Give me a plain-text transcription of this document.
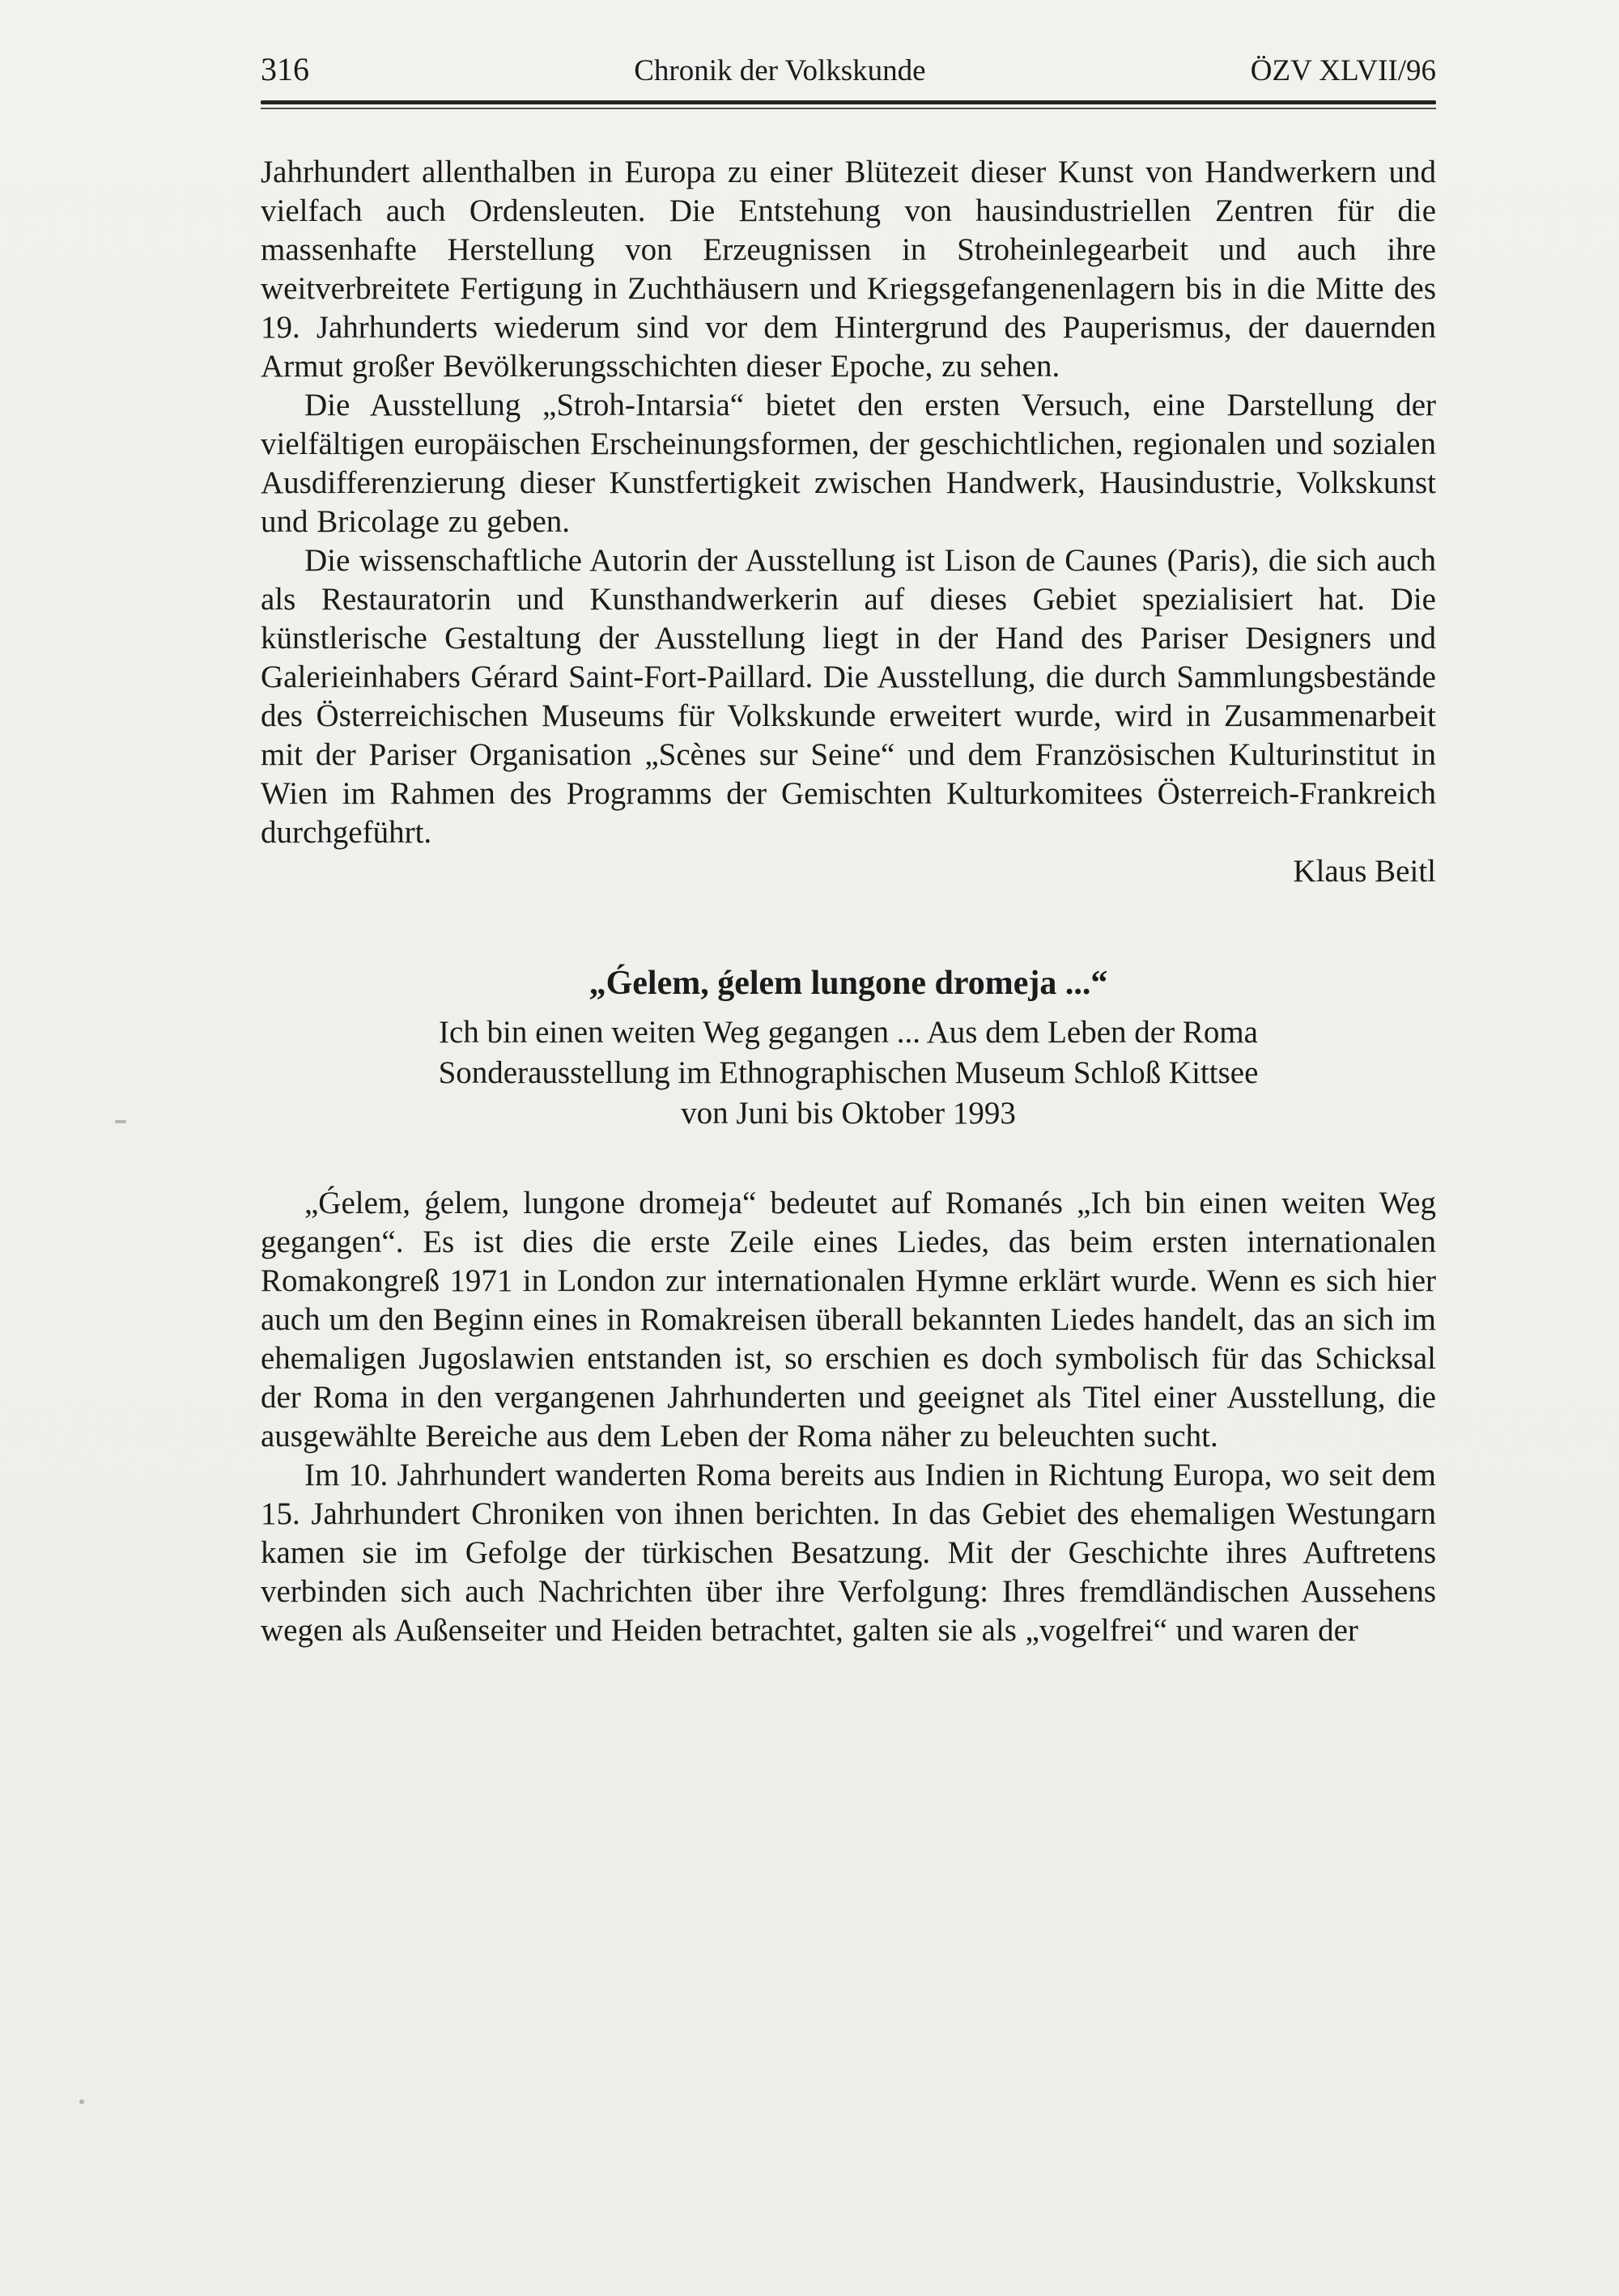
316	Chronik der Volkskunde	ÖZV XLVII/96

Jahrhundert allenthalben in Europa zu einer Blütezeit dieser Kunst von Handwerkern und vielfach auch Ordensleuten. Die Entstehung von hausindustriellen Zentren für die massenhafte Herstellung von Erzeugnissen in Stroheinlegearbeit und auch ihre weitverbreitete Fertigung in Zuchthäusern und Kriegsgefangenenlagern bis in die Mitte des 19. Jahrhunderts wiederum sind vor dem Hintergrund des Pauperismus, der dauernden Armut großer Bevölkerungsschichten dieser Epoche, zu sehen.

Die Ausstellung „Stroh-Intarsia“ bietet den ersten Versuch, eine Darstellung der vielfältigen europäischen Erscheinungsformen, der geschichtlichen, regionalen und sozialen Ausdifferenzierung dieser Kunstfertigkeit zwischen Handwerk, Hausindustrie, Volkskunst und Bricolage zu geben.

Die wissenschaftliche Autorin der Ausstellung ist Lison de Caunes (Paris), die sich auch als Restauratorin und Kunsthandwerkerin auf dieses Gebiet spezialisiert hat. Die künstlerische Gestaltung der Ausstellung liegt in der Hand des Pariser Designers und Galerieinhabers Gérard Saint-Fort-Paillard. Die Ausstellung, die durch Sammlungsbestände des Österreichischen Museums für Volkskunde erweitert wurde, wird in Zusammenarbeit mit der Pariser Organisation „Scènes sur Seine“ und dem Französischen Kulturinstitut in Wien im Rahmen des Programms der Gemischten Kulturkomitees Österreich-Frankreich durchgeführt.

Klaus Beitl

„Ǵelem, ǵelem lungone dromeja ...“

Ich bin einen weiten Weg gegangen ... Aus dem Leben der Roma

Sonderausstellung im Ethnographischen Museum Schloß Kittsee

von Juni bis Oktober 1993

„Ǵelem, ǵelem, lungone dromeja“ bedeutet auf Romanés „Ich bin einen weiten Weg gegangen“. Es ist dies die erste Zeile eines Liedes, das beim ersten internationalen Romakongreß 1971 in London zur internationalen Hymne erklärt wurde. Wenn es sich hier auch um den Beginn eines in Romakreisen überall bekannten Liedes handelt, das an sich im ehemaligen Jugoslawien entstanden ist, so erschien es doch symbolisch für das Schicksal der Roma in den vergangenen Jahrhunderten und geeignet als Titel einer Ausstellung, die ausgewählte Bereiche aus dem Leben der Roma näher zu beleuchten sucht.

Im 10. Jahrhundert wanderten Roma bereits aus Indien in Richtung Europa, wo seit dem 15. Jahrhundert Chroniken von ihnen berichten. In das Gebiet des ehemaligen Westungarn kamen sie im Gefolge der türkischen Besatzung. Mit der Geschichte ihres Auftretens verbinden sich auch Nachrichten über ihre Verfolgung: Ihres fremdländischen Aussehens wegen als Außenseiter und Heiden betrachtet, galten sie als „vogelfrei“ und waren der
